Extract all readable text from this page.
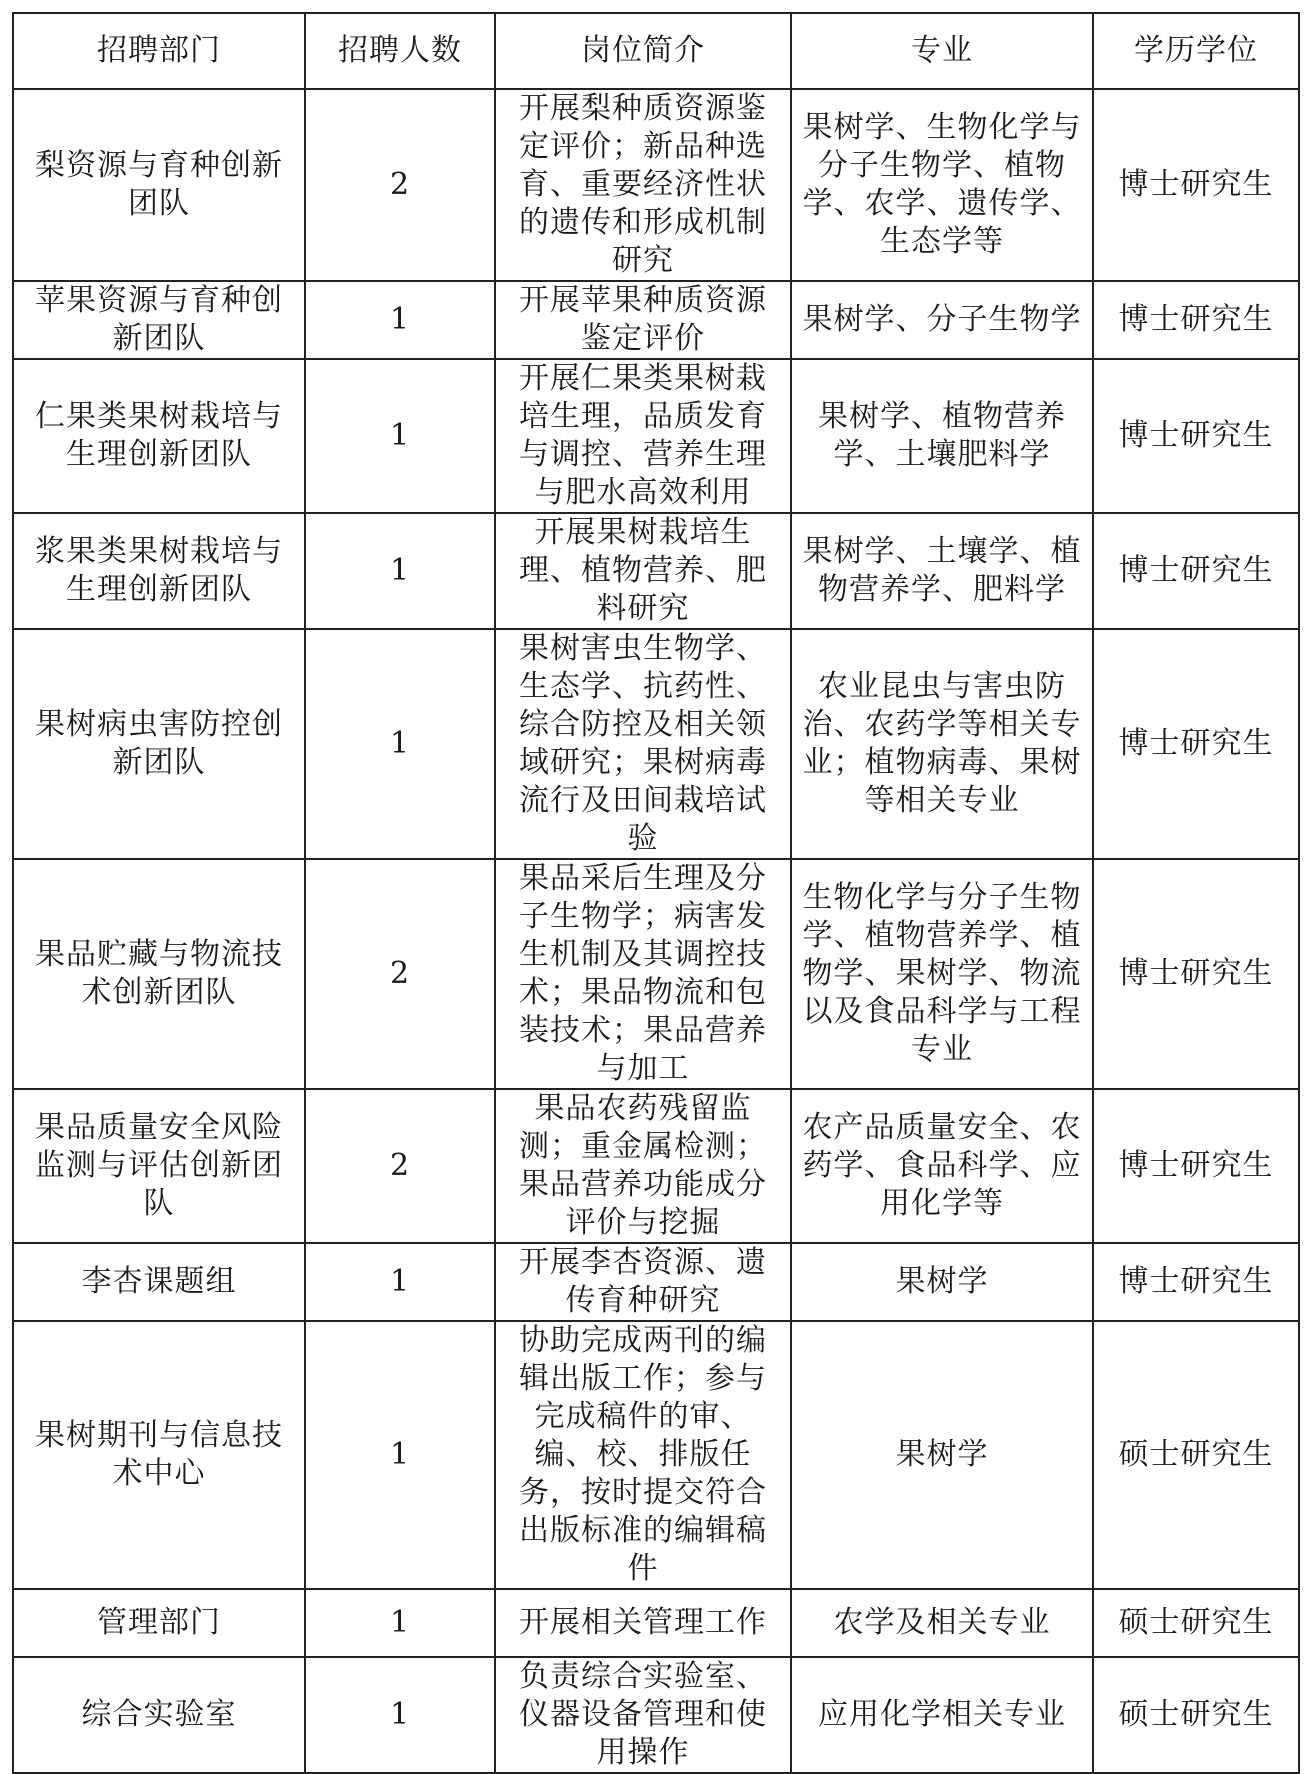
招聘部门	招聘人数	岗位简介	专业	学历学位
梨资源与育种创新团队	2	开展梨种质资源鉴定评价；新品种选育、重要经济性状的遗传和形成机制研究	果树学、生物化学与分子生物学、植物学、农学、遗传学、生态学等	博士研究生
苹果资源与育种创新团队	1	开展苹果种质资源鉴定评价	果树学、分子生物学	博士研究生
仁果类果树栽培与生理创新团队	1	开展仁果类果树栽培生理，品质发育与调控、营养生理与肥水高效利用	果树学、植物营养学、土壤肥料学	博士研究生
浆果类果树栽培与生理创新团队	1	开展果树栽培生理、植物营养、肥料研究	果树学、土壤学、植物营养学、肥料学	博士研究生
果树病虫害防控创新团队	1	果树害虫生物学、生态学、抗药性、综合防控及相关领域研究；果树病毒流行及田间栽培试验	农业昆虫与害虫防治、农药学等相关专业；植物病毒、果树等相关专业	博士研究生
果品贮藏与物流技术创新团队	2	果品采后生理及分子生物学；病害发生机制及其调控技术；果品物流和包装技术；果品营养与加工	生物化学与分子生物学、植物营养学、植物学、果树学、物流以及食品科学与工程专业	博士研究生
果品质量安全风险监测与评估创新团队	2	果品农药残留监测；重金属检测；果品营养功能成分评价与挖掘	农产品质量安全、农药学、食品科学、应用化学等	博士研究生
李杏课题组	1	开展李杏资源、遗传育种研究	果树学	博士研究生
果树期刊与信息技术中心	1	协助完成两刊的编辑出版工作；参与完成稿件的审、编、校、排版任务，按时提交符合出版标准的编辑稿件	果树学	硕士研究生
管理部门	1	开展相关管理工作	农学及相关专业	硕士研究生
综合实验室	1	负责综合实验室、仪器设备管理和使用操作	应用化学相关专业	硕士研究生
